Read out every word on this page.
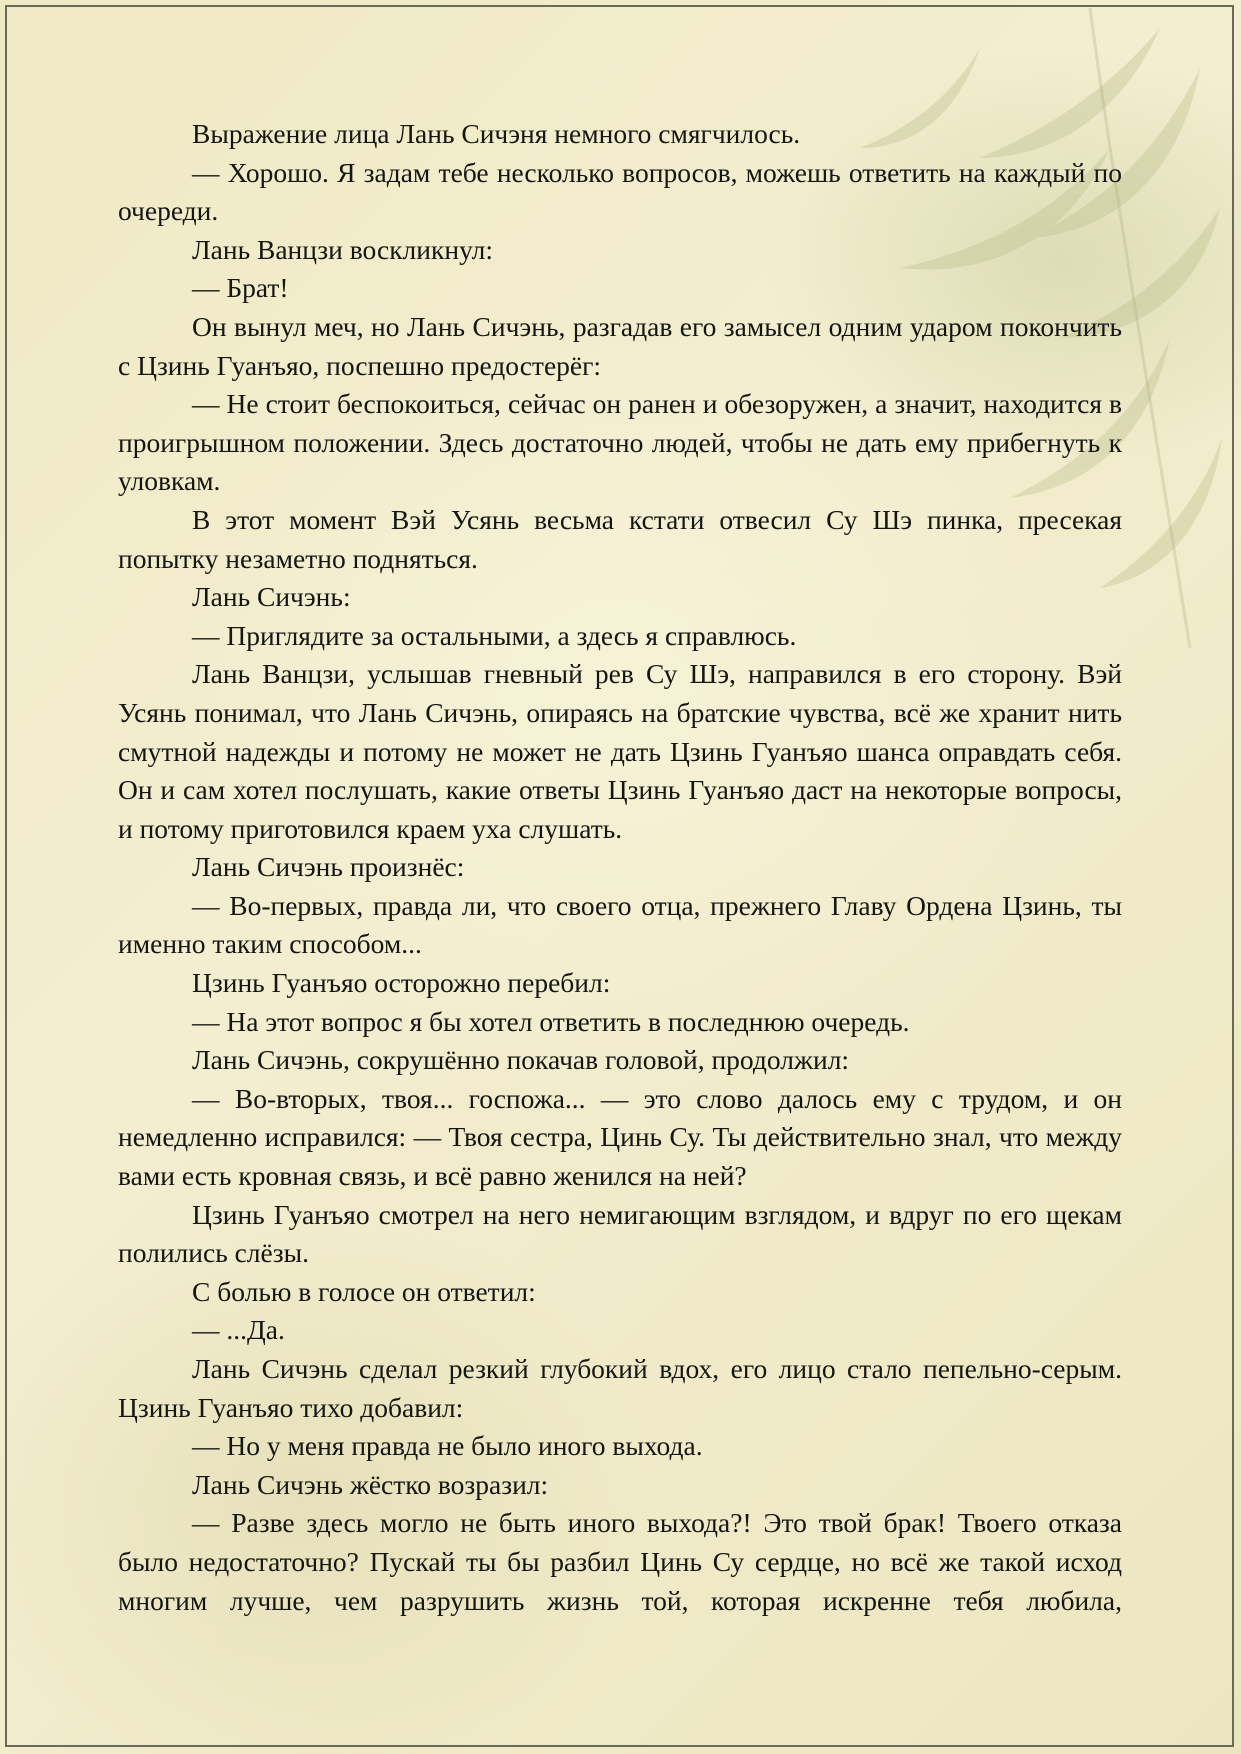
Выражение лица Лань Сичэня немного смягчилось.

— Хорошо. Я задам тебе несколько вопросов, можешь ответить на каждый по очереди.

Лань Ванцзи воскликнул:

— Брат!

Он вынул меч, но Лань Сичэнь, разгадав его замысел одним ударом покончить с Цзинь Гуанъяо, поспешно предостерёг:

— Не стоит беспокоиться, сейчас он ранен и обезоружен, а значит, находится в проигрышном положении. Здесь достаточно людей, чтобы не дать ему прибегнуть к уловкам.

В этот момент Вэй Усянь весьма кстати отвесил Су Шэ пинка, пресекая попытку незаметно подняться.

Лань Сичэнь:

— Приглядите за остальными, а здесь я справлюсь.

Лань Ванцзи, услышав гневный рев Су Шэ, направился в его сторону. Вэй Усянь понимал, что Лань Сичэнь, опираясь на братские чувства, всё же хранит нить смутной надежды и потому не может не дать Цзинь Гуанъяо шанса оправдать себя. Он и сам хотел послушать, какие ответы Цзинь Гуанъяо даст на некоторые вопросы, и потому приготовился краем уха слушать.

Лань Сичэнь произнёс:

— Во-первых, правда ли, что своего отца, прежнего Главу Ордена Цзинь, ты именно таким способом...

Цзинь Гуанъяо осторожно перебил:

— На этот вопрос я бы хотел ответить в последнюю очередь.

Лань Сичэнь, сокрушённо покачав головой, продолжил:

— Во-вторых, твоя... госпожа... — это слово далось ему с трудом, и он немедленно исправился: — Твоя сестра, Цинь Су. Ты действительно знал, что между вами есть кровная связь, и всё равно женился на ней?

Цзинь Гуанъяо смотрел на него немигающим взглядом, и вдруг по его щекам полились слёзы.

С болью в голосе он ответил:

— ...Да.

Лань Сичэнь сделал резкий глубокий вдох, его лицо стало пепельно-серым. Цзинь Гуанъяо тихо добавил:

— Но у меня правда не было иного выхода.

Лань Сичэнь жёстко возразил:

— Разве здесь могло не быть иного выхода?! Это твой брак! Твоего отказа было недостаточно? Пускай ты бы разбил Цинь Су сердце, но всё же такой исход многим лучше, чем разрушить жизнь той, которая искренне тебя любила,
